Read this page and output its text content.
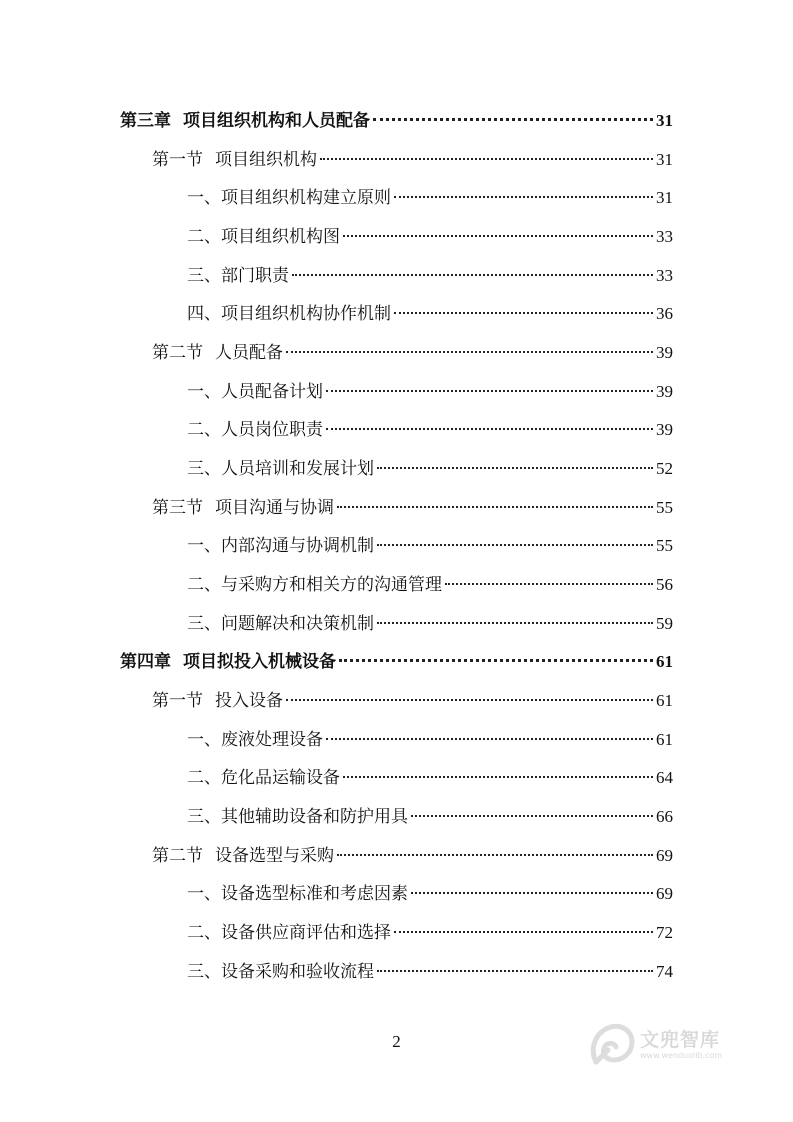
第三章 项目组织机构和人员配备	31
第一节 项目组织机构	31
一、项目组织机构建立原则	31
二、项目组织机构图	33
三、部门职责	33
四、项目组织机构协作机制	36
第二节 人员配备	39
一、人员配备计划	39
二、人员岗位职责	39
三、人员培训和发展计划	52
第三节 项目沟通与协调	55
一、内部沟通与协调机制	55
二、与采购方和相关方的沟通管理	56
三、问题解决和决策机制	59
第四章 项目拟投入机械设备	61
第一节 投入设备	61
一、废液处理设备	61
二、危化品运输设备	64
三、其他辅助设备和防护用具	66
第二节 设备选型与采购	69
一、设备选型标准和考虑因素	69
二、设备供应商评估和选择	72
三、设备采购和验收流程	74
2	文兜智库
www.wenduolib.com
